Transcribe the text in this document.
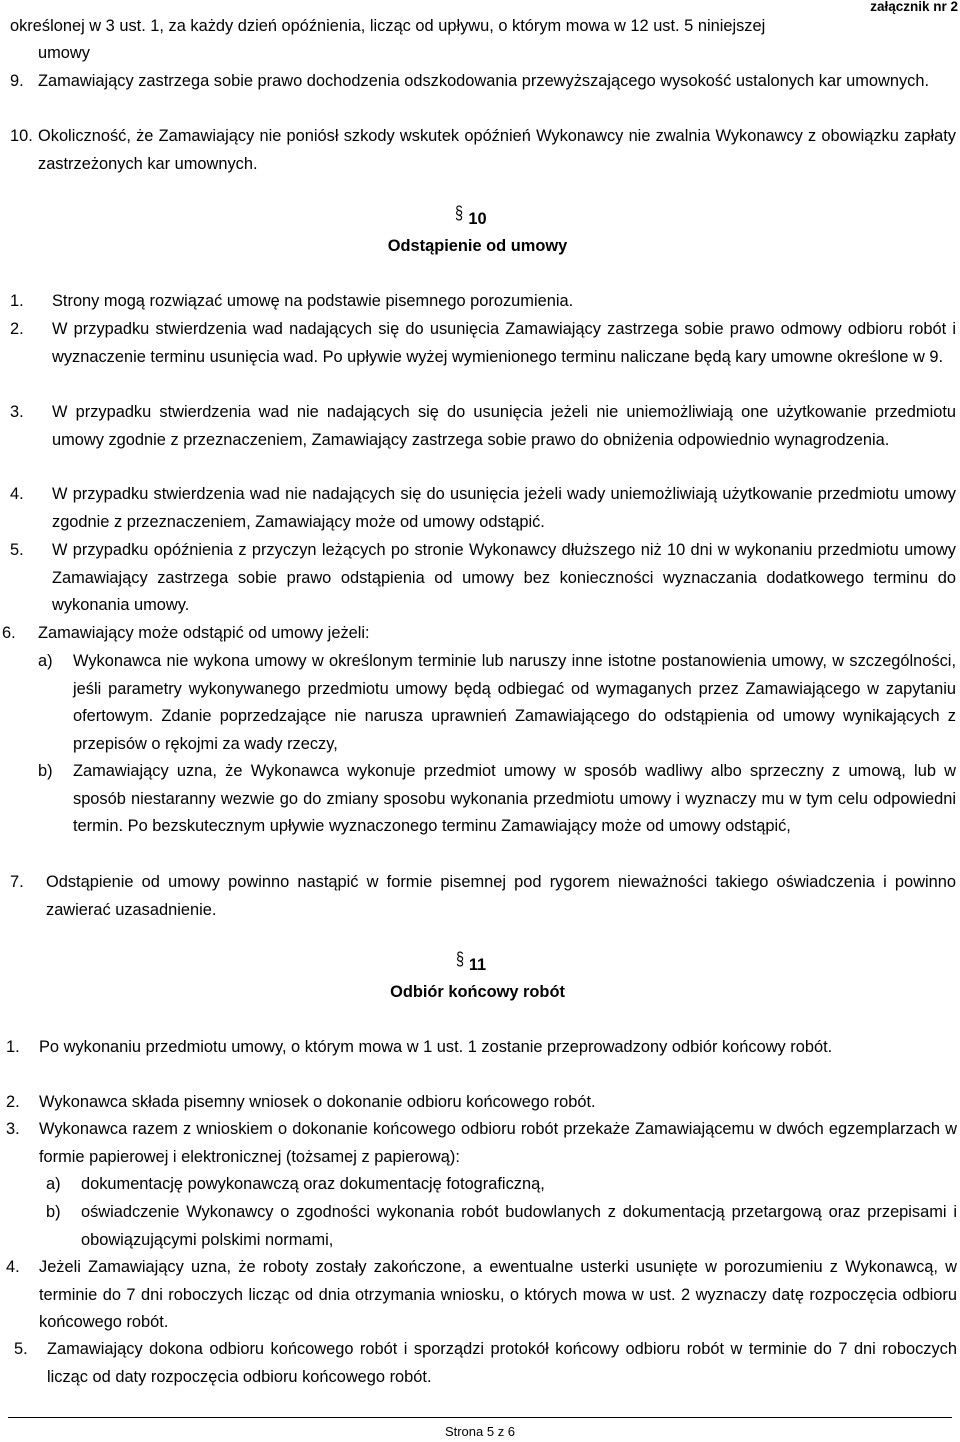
załącznik nr 2
określonej w 3 ust. 1, za każdy dzień opóźnienia, licząc od upływu, o którym mowa w 12 ust. 5 niniejszej
umowy
9. Zamawiający zastrzega sobie prawo dochodzenia odszkodowania przewyższającego wysokość ustalonych kar umownych.
10. Okoliczność, że Zamawiający nie poniósł szkody wskutek opóźnień Wykonawcy nie zwalnia Wykonawcy z obowiązku zapłaty zastrzeżonych kar umownych.
§ 10
Odstąpienie od umowy
1. Strony mogą rozwiązać umowę na podstawie pisemnego porozumienia.
2. W przypadku stwierdzenia wad nadających się do usunięcia Zamawiający zastrzega sobie prawo odmowy odbioru robót i wyznaczenie terminu usunięcia wad. Po upływie wyżej wymienionego terminu naliczane będą kary umowne określone w 9.
3. W przypadku stwierdzenia wad nie nadających się do usunięcia jeżeli nie uniemożliwiają one użytkowanie przedmiotu umowy zgodnie z przeznaczeniem, Zamawiający zastrzega sobie prawo do obniżenia odpowiednio wynagrodzenia.
4. W przypadku stwierdzenia wad nie nadających się do usunięcia jeżeli wady uniemożliwiają użytkowanie przedmiotu umowy zgodnie z przeznaczeniem, Zamawiający może od umowy odstąpić.
5. W przypadku opóźnienia z przyczyn leżących po stronie Wykonawcy dłuższego niż 10 dni w wykonaniu przedmiotu umowy Zamawiający zastrzega sobie prawo odstąpienia od umowy bez konieczności wyznaczania dodatkowego terminu do wykonania umowy.
6. Zamawiający może odstąpić od umowy jeżeli:
a) Wykonawca nie wykona umowy w określonym terminie lub naruszy inne istotne postanowienia umowy, w szczególności, jeśli parametry wykonywanego przedmiotu umowy będą odbiegać od wymaganych przez Zamawiającego w zapytaniu ofertowym. Zdanie poprzedzające nie narusza uprawnień Zamawiającego do odstąpienia od umowy wynikających z przepisów o rękojmi za wady rzeczy,
b) Zamawiający uzna, że Wykonawca wykonuje przedmiot umowy w sposób wadliwy albo sprzeczny z umową, lub w sposób niestaranny wezwie go do zmiany sposobu wykonania przedmiotu umowy i wyznaczy mu w tym celu odpowiedni termin. Po bezskutecznym upływie wyznaczonego terminu Zamawiający może od umowy odstąpić,
7. Odstąpienie od umowy powinno nastąpić w formie pisemnej pod rygorem nieważności takiego oświadczenia i powinno zawierać uzasadnienie.
§ 11
Odbiór końcowy robót
1. Po wykonaniu przedmiotu umowy, o którym mowa w 1 ust. 1 zostanie przeprowadzony odbiór końcowy robót.
2. Wykonawca składa pisemny wniosek o dokonanie odbioru końcowego robót.
3. Wykonawca razem z wnioskiem o dokonanie końcowego odbioru robót przekaże Zamawiającemu w dwóch egzemplarzach w formie papierowej i elektronicznej (tożsamej z papierową):
a) dokumentację powykonawczą oraz dokumentację fotograficzną,
b) oświadczenie Wykonawcy o zgodności wykonania robót budowlanych z dokumentacją przetargową oraz przepisami i obowiązującymi polskimi normami,
4. Jeżeli Zamawiający uzna, że roboty zostały zakończone, a ewentualne usterki usunięte w porozumieniu z Wykonawcą, w terminie do 7 dni roboczych licząc od dnia otrzymania wniosku, o których mowa w ust. 2 wyznaczy datę rozpoczęcia odbioru końcowego robót.
5. Zamawiający dokona odbioru końcowego robót i sporządzi protokół końcowy odbioru robót w terminie do 7 dni roboczych licząc od daty rozpoczęcia odbioru końcowego robót.
Strona 5 z 6
